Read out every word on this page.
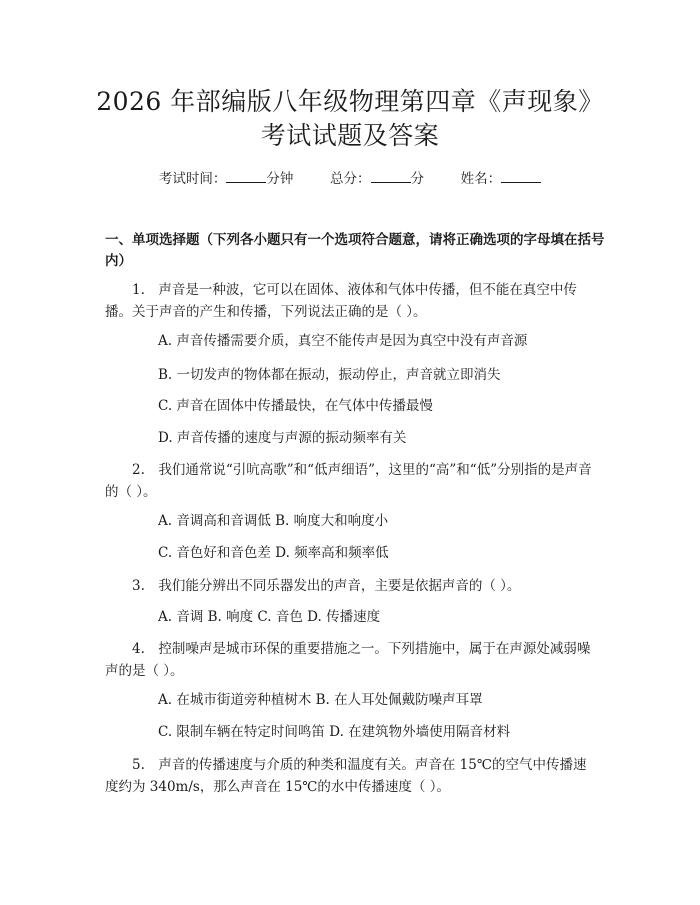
2026 年部编版八年级物理第四章《声现象》
考试试题及答案
考试时间：	分钟	总分：	分	姓名：
一、单项选择题（下列各小题只有一个选项符合题意，请将正确选项的字母填在括号内）
1.　声音是一种波，它可以在固体、液体和气体中传播，但不能在真空中传播。关于声音的产生和传播，下列说法正确的是（ ）。
A. 声音传播需要介质，真空不能传声是因为真空中没有声音源
B. 一切发声的物体都在振动，振动停止，声音就立即消失
C. 声音在固体中传播最快，在气体中传播最慢
D. 声音传播的速度与声源的振动频率有关
2.　我们通常说“引吭高歌”和“低声细语”，这里的“高”和“低”分别指的是声音的（ ）。
A. 音调高和音调低 B. 响度大和响度小
C. 音色好和音色差 D. 频率高和频率低
3.　我们能分辨出不同乐器发出的声音，主要是依据声音的（ ）。
A. 音调 B. 响度 C. 音色 D. 传播速度
4.　控制噪声是城市环保的重要措施之一。下列措施中，属于在声源处减弱噪声的是（ ）。
A. 在城市街道旁种植树木 B. 在人耳处佩戴防噪声耳罩
C. 限制车辆在特定时间鸣笛 D. 在建筑物外墙使用隔音材料
5.　声音的传播速度与介质的种类和温度有关。声音在 15℃的空气中传播速度约为 340m/s，那么声音在 15℃的水中传播速度（ ）。
